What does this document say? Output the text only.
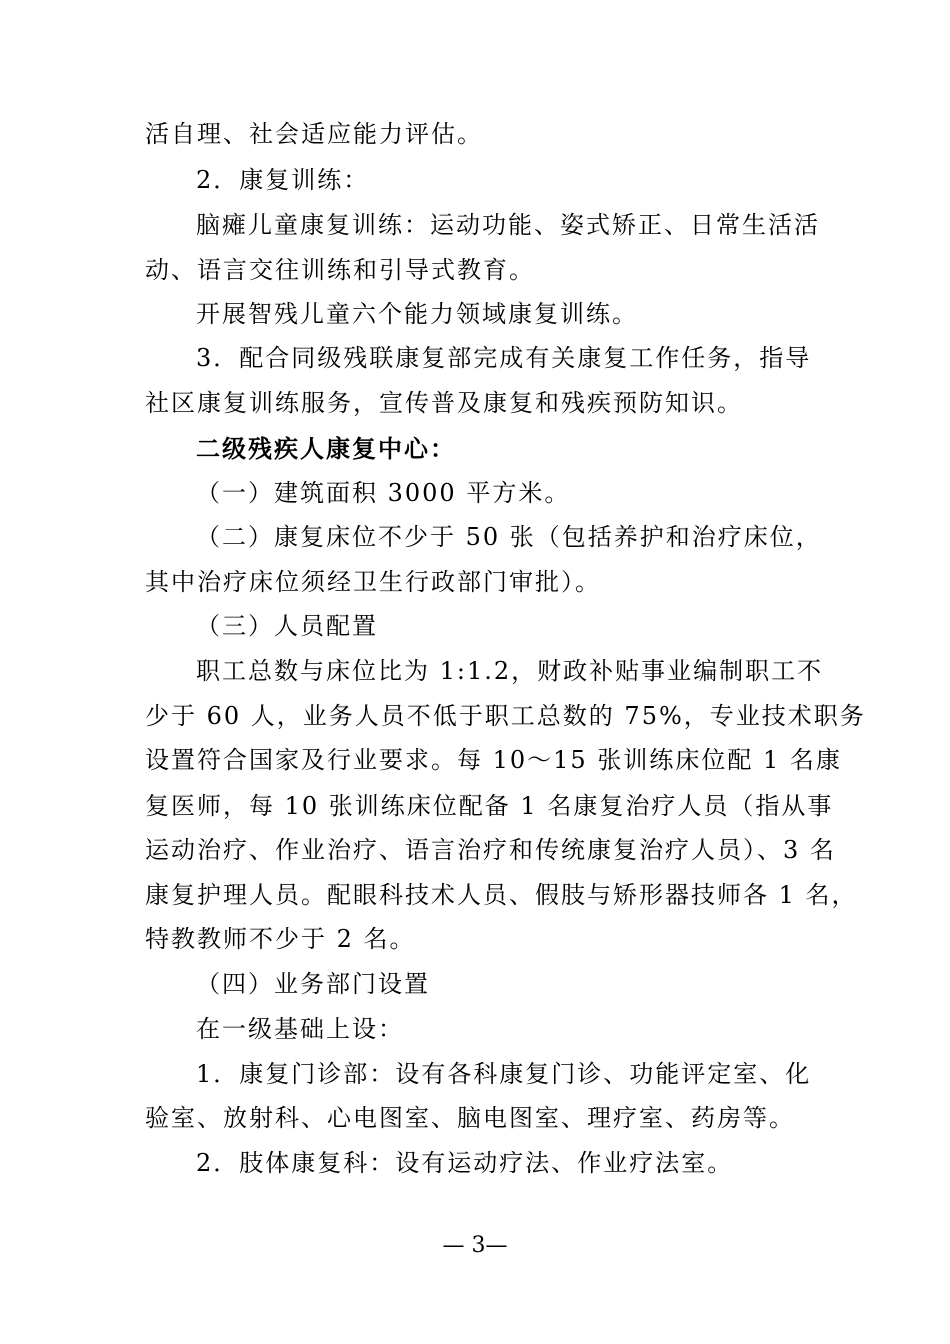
活自理、社会适应能力评估。
2．康复训练：
脑瘫儿童康复训练：运动功能、姿式矫正、日常生活活
动、语言交往训练和引导式教育。
开展智残儿童六个能力领域康复训练。
3．配合同级残联康复部完成有关康复工作任务，指导
社区康复训练服务，宣传普及康复和残疾预防知识。
二级残疾人康复中心：
（一）建筑面积 3000 平方米。
（二）康复床位不少于 50 张（包括养护和治疗床位，
其中治疗床位须经卫生行政部门审批）。
（三）人员配置
职工总数与床位比为 1:1.2，财政补贴事业编制职工不
少于 60 人，业务人员不低于职工总数的 75%，专业技术职务
设置符合国家及行业要求。每 10～15 张训练床位配 1 名康
复医师，每 10 张训练床位配备 1 名康复治疗人员（指从事
运动治疗、作业治疗、语言治疗和传统康复治疗人员）、3 名
康复护理人员。配眼科技术人员、假肢与矫形器技师各 1 名，
特教教师不少于 2 名。
（四）业务部门设置
在一级基础上设：
1．康复门诊部：设有各科康复门诊、功能评定室、化
验室、放射科、心电图室、脑电图室、理疗室、药房等。
2．肢体康复科：设有运动疗法、作业疗法室。
— 3—
